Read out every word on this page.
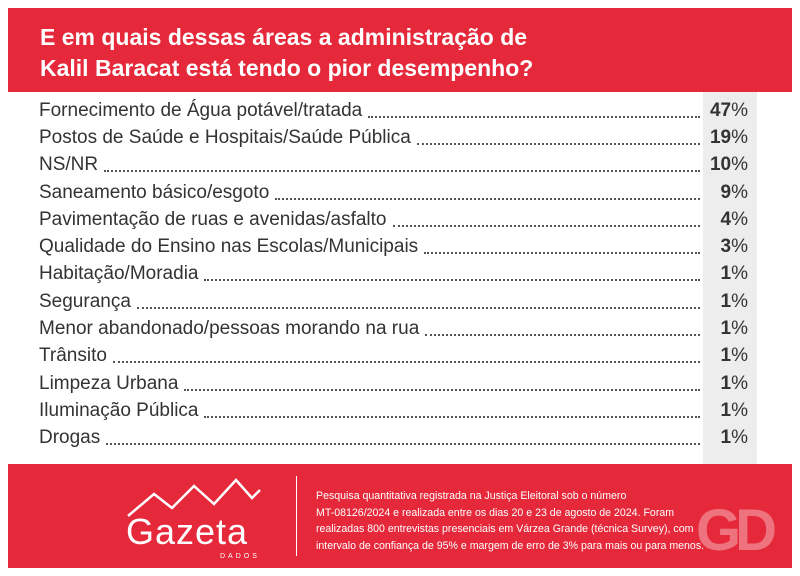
E em quais dessas áreas a administração de
Kalil Baracat está tendo o pior desempenho?
Fornecimento de Água potável/tratada	47%
Postos de Saúde e Hospitais/Saúde Pública	19%
NS/NR	10%
Saneamento básico/esgoto	9%
Pavimentação de ruas e avenidas/asfalto	4%
Qualidade do Ensino nas Escolas/Municipais	3%
Habitação/Moradia	1%
Segurança	1%
Menor abandonado/pessoas morando na rua	1%
Trânsito	1%
Limpeza Urbana	1%
Iluminação Pública	1%
Drogas	1%
Gazeta
DADOS
Pesquisa quantitativa registrada na Justiça Eleitoral sob o número
MT-08126/2024 e realizada entre os dias 20 e 23 de agosto de 2024. Foram
realizadas 800 entrevistas presenciais em Várzea Grande (técnica Survey), com
intervalo de confiança de 95% e margem de erro de 3% para mais ou para menos.
GD
